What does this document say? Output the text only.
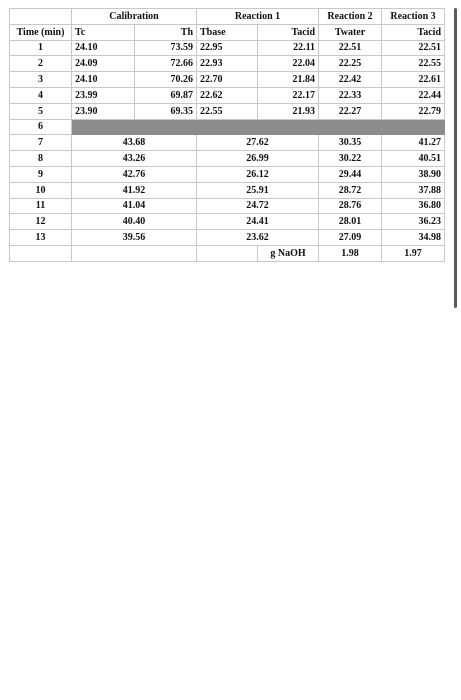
	Calibration		Reaction 1		Reaction 2	Reaction 3
Time (min)	Tc	Th	Tbase	Tacid	Twater	Tacid
1	24.10	73.59	22.95	22.11	22.51	22.51
2	24.09	72.66	22.93	22.04	22.25	22.55
3	24.10	70.26	22.70	21.84	22.42	22.61
4	23.99	69.87	22.62	22.17	22.33	22.44
5	23.90	69.35	22.55	21.93	22.27	22.79
6						
7	43.68		27.62		30.35	41.27
8	43.26		26.99		30.22	40.51
9	42.76		26.12		29.44	38.90
10	41.92		25.91		28.72	37.88
11	41.04		24.72		28.76	36.80
12	40.40		24.41		28.01	36.23
13	39.56		23.62		27.09	34.98
				g NaOH	1.98	1.97
